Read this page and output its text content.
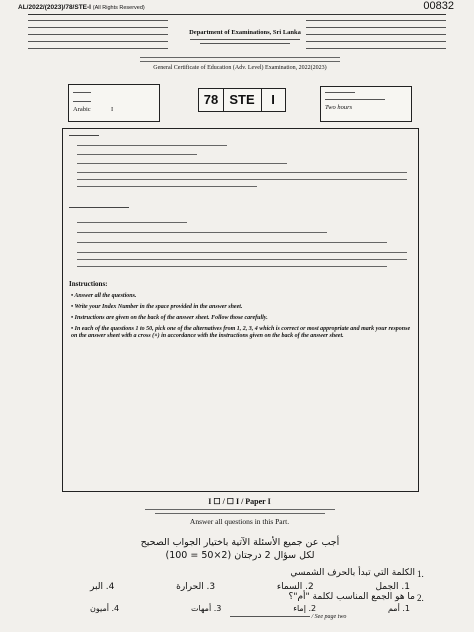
AL/2022/(2023)/78/STE-I (All Rights Reserved)	00832
Department of Examinations, Sri Lanka
General Certificate of Education (Adv. Level) Examination, 2022(2023)
Arabic	I
78 STE	I
Two hours
Instructions:
• Answer all the questions.
• Write your Index Number in the space provided in the answer sheet.
• Instructions are given on the back of the answer sheet. Follow those carefully.
• In each of the questions 1 to 50, pick one of the alternatives from 1, 2, 3, 4 which is correct or most appropriate and mark your response on the answer sheet with a cross (×) in accordance with the instructions given on the back of the answer sheet.
I ☐ / ☐ I / Paper I
Answer all questions in this Part.
أجب عن جميع الأسئلة الآتية باختيار الجواب الصحيح
لكل سؤال 2 درجتان (2×50 = 100)
الكلمة التي تبدأ بالحرف الشمسي 1.
1. الجمل
2. السماء
3. الحرارة
4. البر
ما هو الجمع المناسب لكلمة "أم"؟ 2.
1. أمم
2. إماء
3. أمهات
4. أميون
/ See page two
